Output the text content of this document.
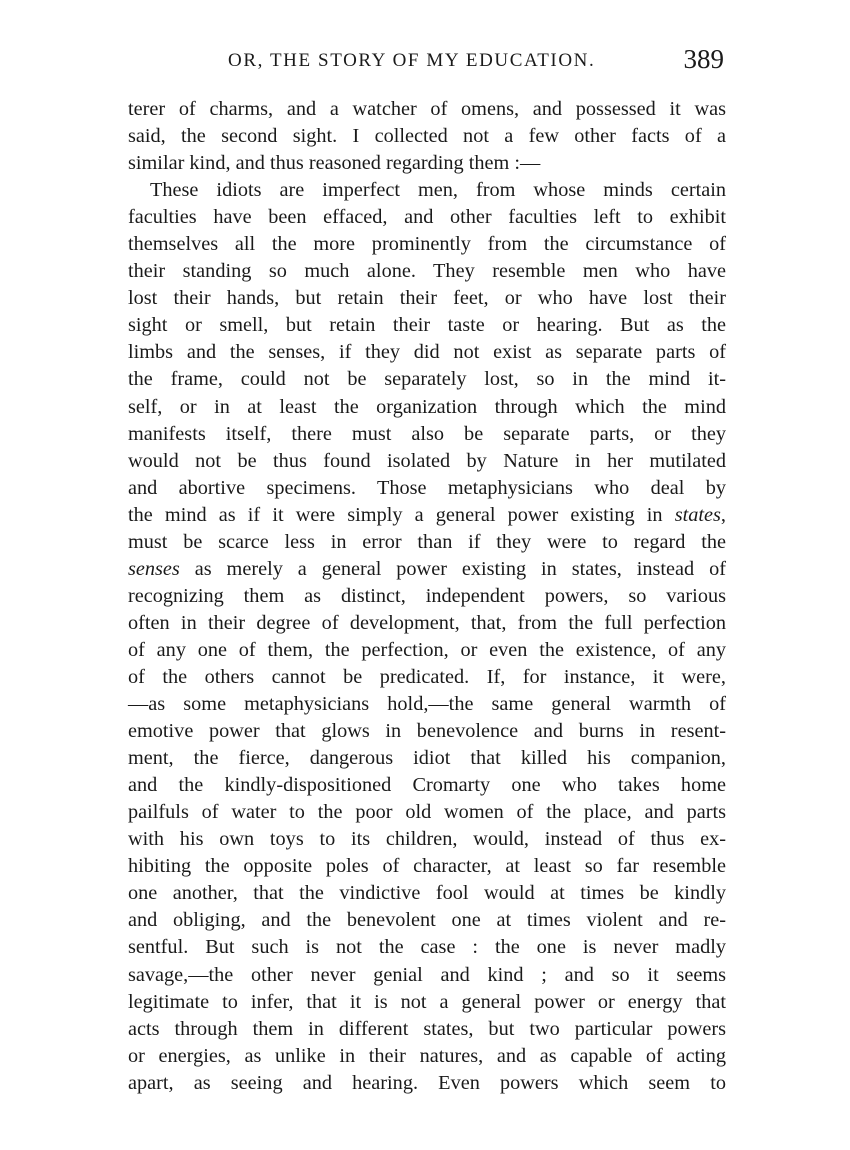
OR, THE STORY OF MY EDUCATION.	389
terer of charms, and a watcher of omens, and possessed it was
said, the second sight. I collected not a few other facts of a
similar kind, and thus reasoned regarding them :—
These idiots are imperfect men, from whose minds certain
faculties have been effaced, and other faculties left to exhibit
themselves all the more prominently from the circumstance of
their standing so much alone. They resemble men who have
lost their hands, but retain their feet, or who have lost their
sight or smell, but retain their taste or hearing. But as the
limbs and the senses, if they did not exist as separate parts of
the frame, could not be separately lost, so in the mind it-
self, or in at least the organization through which the mind
manifests itself, there must also be separate parts, or they
would not be thus found isolated by Nature in her mutilated
and abortive specimens. Those metaphysicians who deal by
the mind as if it were simply a general power existing in states,
must be scarce less in error than if they were to regard the
senses as merely a general power existing in states, instead of
recognizing them as distinct, independent powers, so various
often in their degree of development, that, from the full perfection
of any one of them, the perfection, or even the existence, of any
of the others cannot be predicated. If, for instance, it were,
—as some metaphysicians hold,—the same general warmth of
emotive power that glows in benevolence and burns in resent-
ment, the fierce, dangerous idiot that killed his companion,
and the kindly-dispositioned Cromarty one who takes home
pailfuls of water to the poor old women of the place, and parts
with his own toys to its children, would, instead of thus ex-
hibiting the opposite poles of character, at least so far resemble
one another, that the vindictive fool would at times be kindly
and obliging, and the benevolent one at times violent and re-
sentful. But such is not the case : the one is never madly
savage,—the other never genial and kind ; and so it seems
legitimate to infer, that it is not a general power or energy that
acts through them in different states, but two particular powers
or energies, as unlike in their natures, and as capable of acting
apart, as seeing and hearing. Even powers which seem to
